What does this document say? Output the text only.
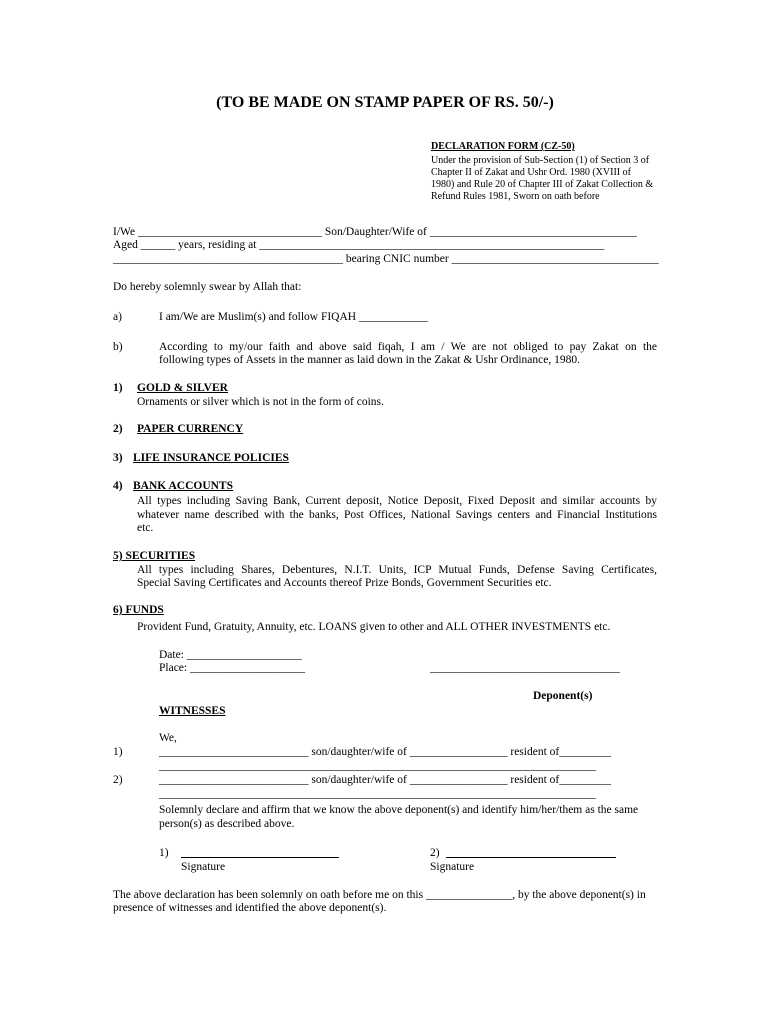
(TO BE MADE ON STAMP PAPER OF RS. 50/-)
DECLARATION FORM (CZ-50)
Under the provision of Sub-Section (1) of Section 3 of
Chapter II of Zakat and Ushr Ord. 1980 (XVIII of
1980) and Rule 20 of Chapter III of Zakat Collection &
Refund Rules 1981, Sworn on oath before
I/We ________________________________ Son/Daughter/Wife of ____________________________________
Aged ______ years, residing at ____________________________________________________________
________________________________________ bearing CNIC number ____________________________________
Do hereby solemnly swear by Allah that:
a)	I am/We are Muslim(s) and follow FIQAH ____________
b)	According to my/our faith and above said fiqah, I am / We are not obliged to pay Zakat on the
following types of Assets in the manner as laid down in the Zakat & Ushr Ordinance, 1980.
1) GOLD & SILVER
Ornaments or silver which is not in the form of coins.
2) PAPER CURRENCY
3) LIFE INSURANCE POLICIES
4) BANK ACCOUNTS
All types including Saving Bank, Current deposit, Notice Deposit, Fixed Deposit and similar accounts by
whatever name described with the banks, Post Offices, National Savings centers and Financial Institutions
etc.
5) SECURITIES
All types including Shares, Debentures, N.I.T. Units, ICP Mutual Funds, Defense Saving Certificates,
Special Saving Certificates and Accounts thereof Prize Bonds, Government Securities etc.
6) FUNDS
Provident Fund, Gratuity, Annuity, etc. LOANS given to other and ALL OTHER INVESTMENTS etc.
Date: ____________________
Place: ____________________	_________________________________
Deponent(s)
WITNESSES
We,
1)	__________________________ son/daughter/wife of _________________ resident of_________
____________________________________________________________________________
2)	__________________________ son/daughter/wife of _________________ resident of_________
____________________________________________________________________________
Solemnly declare and affirm that we know the above deponent(s) and identify him/her/them as the same
person(s) as described above.
1)
Signature
2)
Signature
The above declaration has been solemnly on oath before me on this _______________, by the above deponent(s) in
presence of witnesses and identified the above deponent(s).
